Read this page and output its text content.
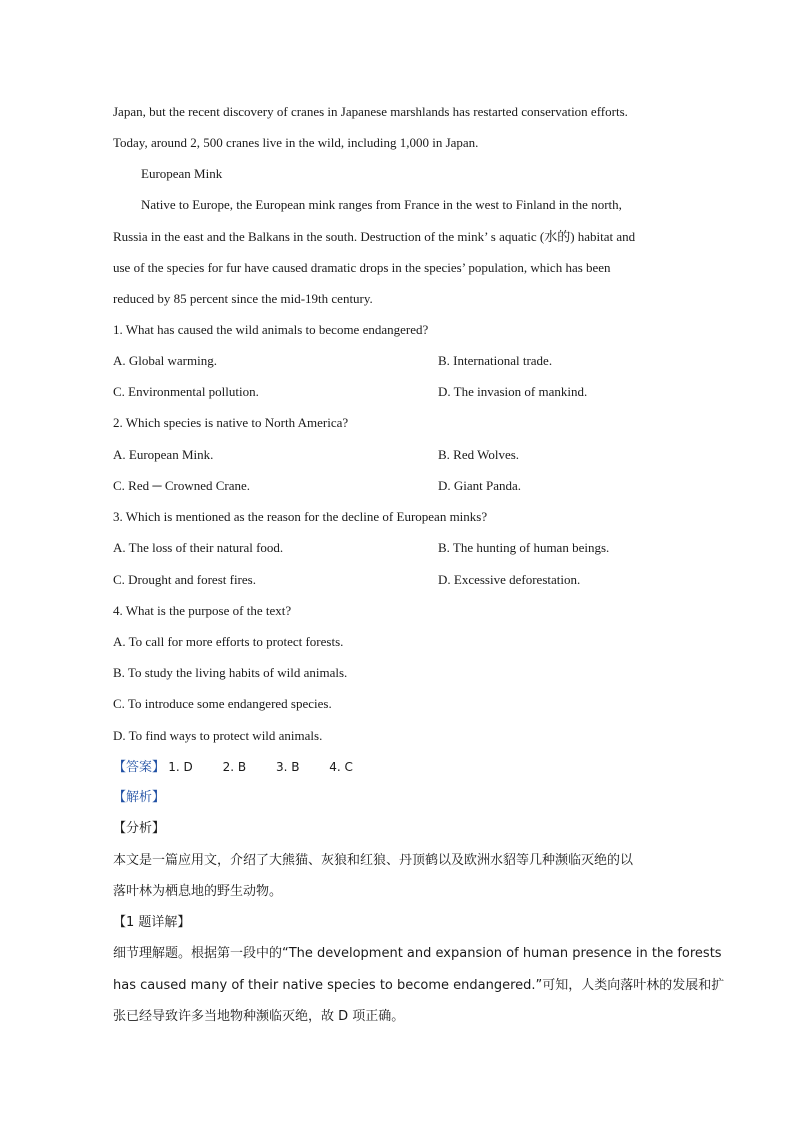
Japan, but the recent discovery of cranes in Japanese marshlands has restarted conservation efforts.
Today, around 2, 500 cranes live in the wild, including 1,000 in Japan.
European Mink
Native to Europe, the European mink ranges from France in the west to Finland in the north,
Russia in the east and the Balkans in the south. Destruction of the mink’ s aquatic (水的) habitat and
use of the species for fur have caused dramatic drops in the species’ population, which has been
reduced by 85 percent since the mid-19th century.
1. What has caused the wild animals to become endangered?
A. Global warming.	B. International trade.
C. Environmental pollution.	D. The invasion of mankind.
2. Which species is native to North America?
A. European Mink.	B. Red Wolves.
C. Red ─ Crowned Crane.	D. Giant Panda.
3. Which is mentioned as the reason for the decline of European minks?
A. The loss of their natural food.	B. The hunting of human beings.
C. Drought and forest fires.	D. Excessive deforestation.
4. What is the purpose of the text?
A. To call for more efforts to protect forests.
B. To study the living habits of wild animals.
C. To introduce some endangered species.
D. To find ways to protect wild animals.
【答案】 1. D 2. B 3. B 4. C
【解析】
【分析】
本文是一篇应用文，介绍了大熊猫、灰狼和红狼、丹顶鹤以及欧洲水貂等几种濒临灭绝的以
落叶林为栖息地的野生动物。
【1 题详解】
细节理解题。根据第一段中的“The development and expansion of human presence in the forests
has caused many of their native species to become endangered.”可知，人类向落叶林的发展和扩
张已经导致许多当地物种濒临灭绝，故 D 项正确。
